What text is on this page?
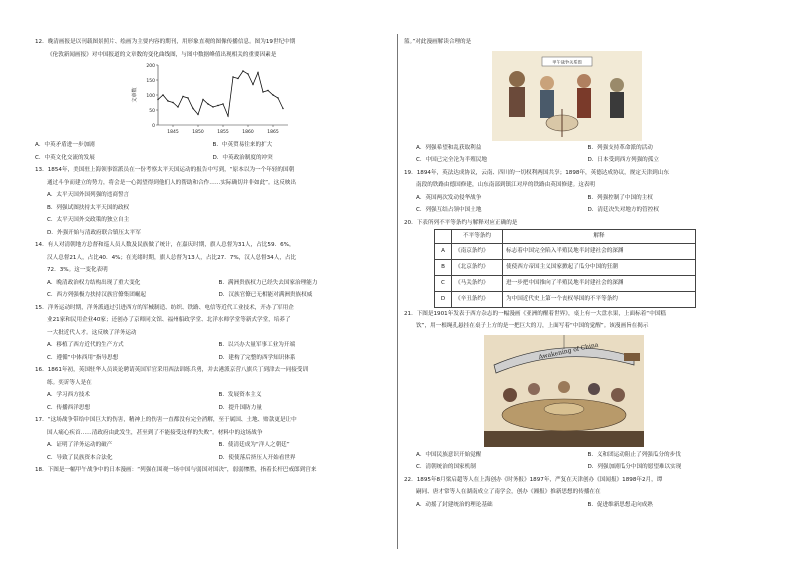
12．晚清画报是以刊载图景照片、绘画为主要内容的期刊，用形象直观的图像传播信息。图为19世纪中期
《伦敦新闻画报》对中国报道的文章数的变化曲线图，与图中数据峰值出现相关的重要因素是
文章数
200
150
100
50
0
1845	1850	1855	1860	1865
A．中英矛盾进一步加剧	B．中英贸易往来的扩大
C．中英文化交流的发展	D．中英政治制度的冲突
13．1854年，美国驻上海领事馆派员在一份考察太平天国运动的报告中写到，“原本以为一个年轻的国朝
通过斗争而建立的势力，将会是一心渴望得到他们人的帮助和合作……实际确切并非如此”。这反映出
A．太平天国外国列强的违商誓言
B．列强试图扶持太平天国的政权
C．太平天国外交政策的独立自主
D．外强开始与清政府联合镇压太平军
14．有人对清朝地方总督和巡人员人数及民族做了统计，在嘉庆时期，旗人总督为31人，占比59．6%，
汉人总督21人，占比40．4%；在光绪时期，旗人总督为13人，占比27．7%，汉人总督34人，占比
72．3%。这一变化表明
A．晚清政治权力结构出现了重大变化	B．满洲贵族权力已经失去国家治理能力
C．西方列强极力扶持汉族官僚集团崛起	D．汉族官僚已无相能对满洲贵族权威
15．洋务运动时期，洋务派通过引进西方的军械制造、纺织、铁路、电信等近代工业技术，开办了军用企
业21家和民用企业40家；还创办了京师同文馆、福州船政学堂、北洋水师学堂等新式学堂，培养了
一大批近代人才。这反映了洋务运动
A．移植了西方近代的生产方式	B．以兴办大量军事工业为开端
C．遵循“中体西用”指导思想	D．建构了完整的西学知识体系
16．1861年初，英国驻华人员谈论聘请英国军官采用西法训练兵勇，并去港派京营八旗兵丁到津去一同接受训
练。奕䜣等人是在
A．学习西方技术	B．发展资本主义
C．传播西洋思想	D．提升国防力量
17．“这场战争带给中国巨大的伤害，精神上的伤害一直都没有完全消解，至于属国、土地、赔款更是让中
国人痛心疾首……清政府由此发生，甚至到了不能接受这样的失败”。材料中的这场战争
A．证明了洋务运动的破产	B．使清廷成为“洋人之朝廷”
C．导致了民族资本合法化	D．使使落后挤压人开始看世界
18．下图是一幅甲午战争中的日本漫画：“列强在围观一场中国与弱国对国决”，弱弱惨胜，指着长杆巴戒郎到宫来
篮。”对此漫画解读合理的是
甲午战争关系图
A．列强希望和乱获取利益	B．列强支持革命派的活动
C．中国已完全沦为半殖民地	D．日本受到西方列强的孤立
19．1894年，英法达成协议，云南、四川的一切权利两国共享；1898年，英德达成协议，规定天津到山东
南段的铁路由德国修建，山东南部到镇江对岸的铁路由英国修建。这表明
A．英国两次发动侵华战争	B．列强控制了中国的主权
C．列强互结占领中国土地	D．清廷决失对地方的管控权
20．下表所列不平等条约与解释对应正确的是
	不平等条约	解释
A	《南京条约》	标志着中国完全陷入半殖民地半封建社会的深渊
B	《北京条约》	使使西方帝国主义国家掀起了瓜分中国的狂潮
C	《马关条约》	进一步把中国推向了半殖民地半封建社会的深渊
D	《辛丑条约》	为中国近代史上第一个丧权辱国的不平等条约
21．下图是1901年发表于西方杂志的一幅漫画《亚洲的醒着世界》，桌上有一大盘水果，上面标着“中国糕
饮”，用一根绳孔悬挂在桌子上方的是一把巨大的刀，上面写着“中国的觉醒”。该漫画旨在揭示
Awakening of China
A．中国民族意识开始觉醒	B．义和团运动阻止了列强瓜分的步伐
C．清朝统治的国家机制	D．列强加剧瓜分中国的愿望难以实现
22．1895年8月梁启超等人在上海创办《时务报》1897年，严复在天津创办《国闻报》1898年2月，谭
嗣同、唐才常等人在湖南成立了南学会，创办《湘报》推新思想的传播在在
A．动摇了封建统治的理论基础	B．促进维新思想走向成熟
